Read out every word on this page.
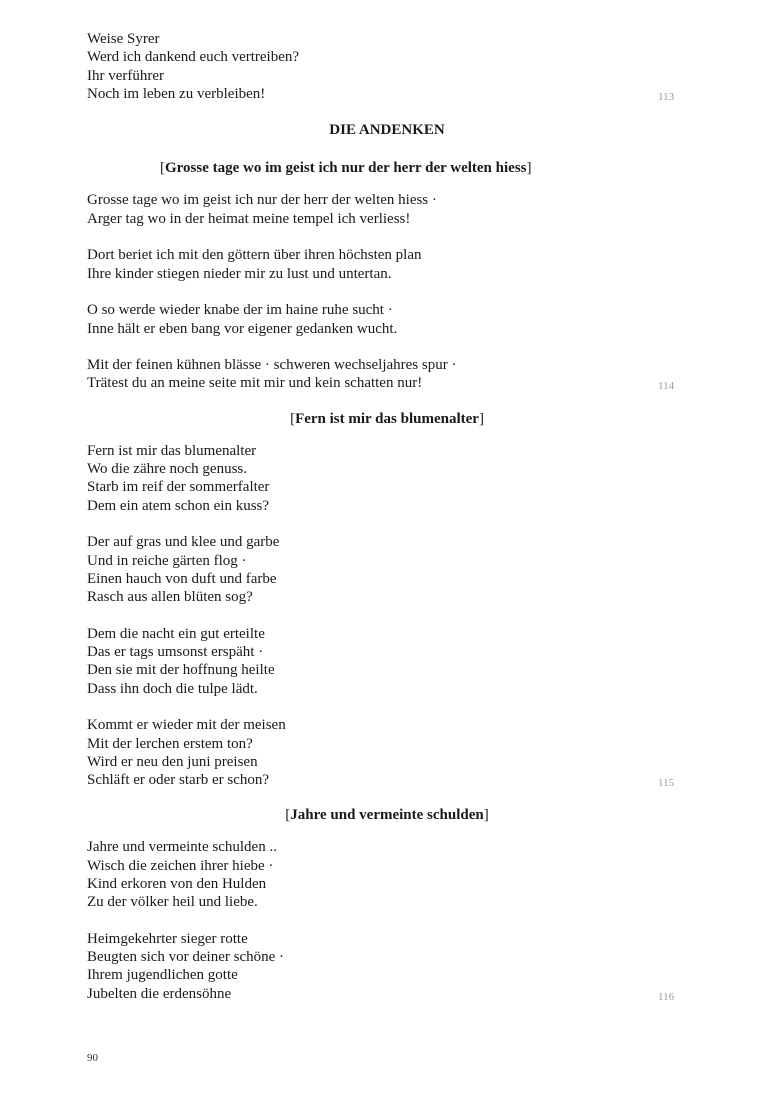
Weise Syrer
Werd ich dankend euch vertreiben?
Ihr verführer
Noch im leben zu verbleiben!	113
DIE ANDENKEN
[Grosse tage wo im geist ich nur der herr der welten hiess]
Grosse tage wo im geist ich nur der herr der welten hiess ·
Arger tag wo in der heimat meine tempel ich verliess!
Dort beriet ich mit den göttern über ihren höchsten plan
Ihre kinder stiegen nieder mir zu lust und untertan.
O so werde wieder knabe der im haine ruhe sucht ·
Inne hält er eben bang vor eigener gedanken wucht.
Mit der feinen kühnen blässe · schweren wechseljahres spur ·
Trätest du an meine seite mit mir und kein schatten nur!	114
[Fern ist mir das blumenalter]
Fern ist mir das blumenalter
Wo die zähre noch genuss.
Starb im reif der sommerfalter
Dem ein atem schon ein kuss?
Der auf gras und klee und garbe
Und in reiche gärten flog ·
Einen hauch von duft und farbe
Rasch aus allen blüten sog?
Dem die nacht ein gut erteilte
Das er tags umsonst erspäht ·
Den sie mit der hoffnung heilte
Dass ihn doch die tulpe lädt.
Kommt er wieder mit der meisen
Mit der lerchen erstem ton?
Wird er neu den juni preisen
Schläft er oder starb er schon?	115
[Jahre und vermeinte schulden]
Jahre und vermeinte schulden ..
Wisch die zeichen ihrer hiebe ·
Kind erkoren von den Hulden
Zu der völker heil und liebe.
Heimgekehrter sieger rotte
Beugten sich vor deiner schöne ·
Ihrem jugendlichen gotte
Jubelten die erdensöhne	116
90
